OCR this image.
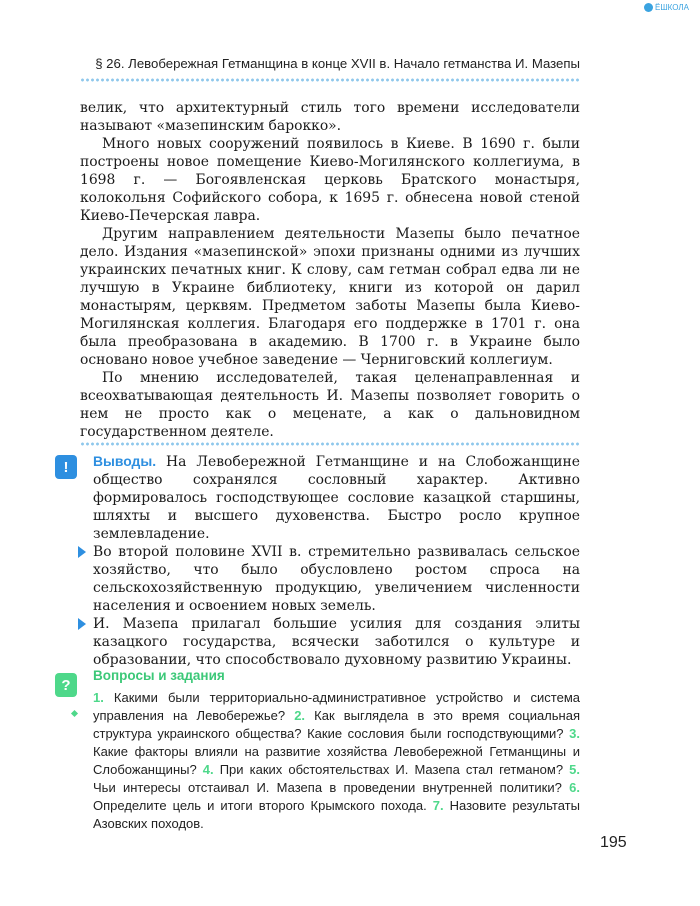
ЁШКОЛА
§ 26. Левобережная Гетманщина в конце XVII в. Начало гетманства И. Мазепы

велик, что архитектурный стиль того времени исследователи называют «мазепинским барокко».

Много новых сооружений появилось в Киеве. В 1690 г. были построены новое помещение Киево-Могилянского коллегиума, в 1698 г. — Богоявленская церковь Братского монастыря, колокольня Софийского собора, к 1695 г. обнесена новой стеной Киево-Печерская лавра.

Другим направлением деятельности Мазепы было печатное дело. Издания «мазепинской» эпохи признаны одними из лучших украинских печатных книг. К слову, сам гетман собрал едва ли не лучшую в Украине библиотеку, книги из которой он дарил монастырям, церквям. Предметом заботы Мазепы была Киево-Могилянская коллегия. Благодаря его поддержке в 1701 г. она была преобразована в академию. В 1700 г. в Украине было основано новое учебное заведение — Черниговский коллегиум.

По мнению исследователей, такая целенаправленная и всеохватывающая деятельность И. Мазепы позволяет говорить о нем не просто как о меценате, а как о дальновидном государственном деятеле.

!	Выводы. На Левобережной Гетманщине и на Слобожанщине общество сохранялся сословный характер. Активно формировалось господствующее сословие казацкой старшины, шляхты и высшего духовенства. Быстро росло крупное землевладение.

Во второй половине XVII в. стремительно развивалась сельское хозяйство, что было обусловлено ростом спроса на сельскохозяйственную продукцию, увеличением численности населения и освоением новых земель.

И. Мазепа прилагал большие усилия для создания элиты казацкого государства, всячески заботился о культуре и образовании, что способствовало духовному развитию Украины.

?
Вопросы и задания
1. Какими были территориально-административное устройство и система управления на Левобережье? 2. Как выглядела в это время социальная структура украинского общества? Какие сословия были господствующими? 3. Какие факторы влияли на развитие хозяйства Левобережной Гетманщины и Слобожанщины? 4. При каких обстоятельствах И. Мазепа стал гетманом? 5. Чьи интересы отстаивал И. Мазепа в проведении внутренней политики? 6. Определите цель и итоги второго Крымского похода. 7. Назовите результаты Азовских походов.
195
